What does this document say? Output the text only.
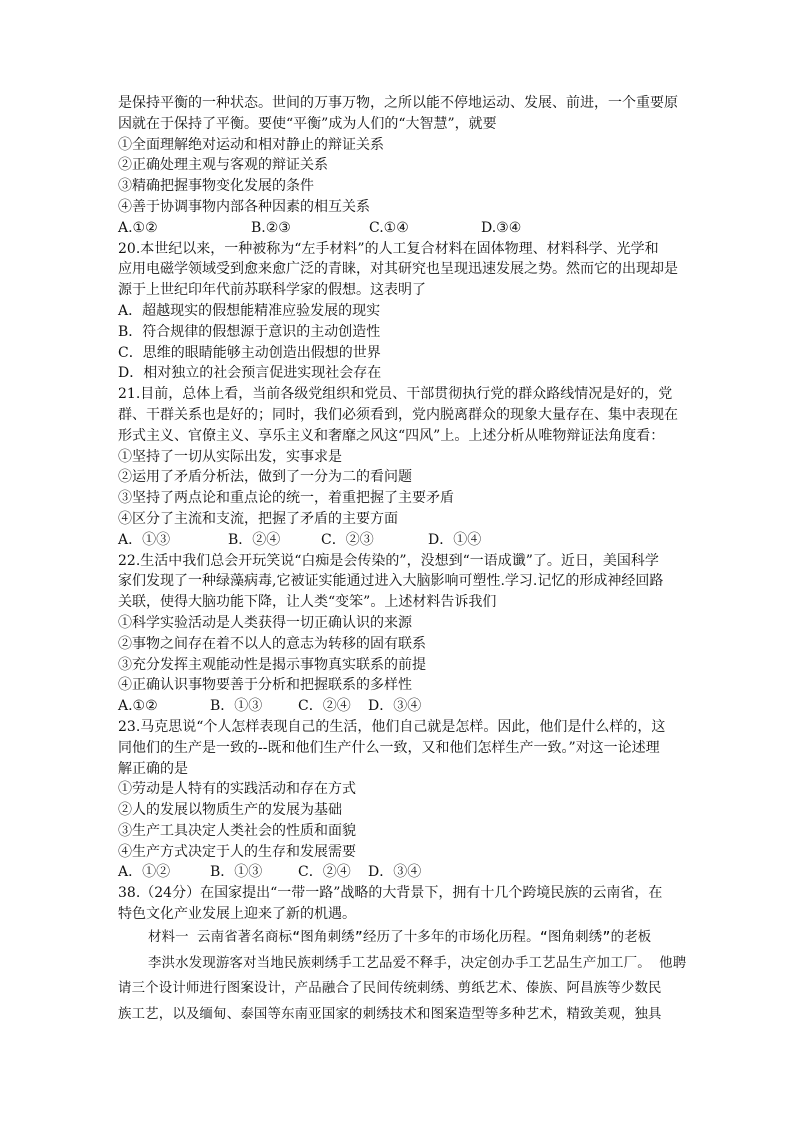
是保持平衡的一种状态。世间的万事万物，之所以能不停地运动、发展、前进，一个重要原
因就在于保持了平衡。要使“平衡”成为人们的“大智慧”，就要
①全面理解绝对运动和相对静止的辩证关系
②正确处理主观与客观的辩证关系
③精确把握事物变化发展的条件
④善于协调事物内部各种因素的相互关系
A.①②	B.②③	C.①④	D.③④
20.本世纪以来，一种被称为“左手材料”的人工复合材料在固体物理、材料科学、光学和
应用电磁学领域受到愈来愈广泛的青睐，对其研究也呈现迅速发展之势。然而它的出现却是
源于上世纪印年代前苏联科学家的假想。这表明了
A．超越现实的假想能精准应验发展的现实
B．符合规律的假想源于意识的主动创造性
C．思维的眼睛能够主动创造出假想的世界
D．相对独立的社会预言促进实现社会存在
21.目前，总体上看，当前各级党组织和党员、干部贯彻执行党的群众路线情况是好的，党
群、干群关系也是好的；同时，我们必须看到，党内脱离群众的现象大量存在、集中表现在
形式主义、官僚主义、享乐主义和奢靡之风这“四风”上。上述分析从唯物辩证法角度看：
①坚持了一切从实际出发，实事求是
②运用了矛盾分析法，做到了一分为二的看问题
③坚持了两点论和重点论的统一，着重把握了主要矛盾
④区分了主流和支流，把握了矛盾的主要方面
A．①③	B．②④	C．②③	D．①④
22.生活中我们总会开玩笑说“白痴是会传染的”，没想到“一语成谶”了。近日，美国科学
家们发现了一种绿藻病毒,它被证实能通过进入大脑影响可塑性.学习.记忆的形成神经回路
关联，使得大脑功能下降，让人类“变笨”。上述材料告诉我们
①科学实验活动是人类获得一切正确认识的来源
②事物之间存在着不以人的意志为转移的固有联系
③充分发挥主观能动性是揭示事物真实联系的前提
④正确认识事物要善于分析和把握联系的多样性
A.①②	B．①③	C．②④	D．③④
23.马克思说“个人怎样表现自己的生活，他们自己就是怎样。因此，他们是什么样的，这
同他们的生产是一致的--既和他们生产什么一致，又和他们怎样生产一致。”对这一论述理
解正确的是
①劳动是人特有的实践活动和存在方式
②人的发展以物质生产的发展为基础
③生产工具决定人类社会的性质和面貌
④生产方式决定于人的生存和发展需要
A．①②	B．①③	C．②④	D．③④
38.（24分）在国家提出“一带一路”战略的大背景下，拥有十几个跨境民族的云南省，在
特色文化产业发展上迎来了新的机遇。
材料一 云南省著名商标“图角刺绣”经历了十多年的市场化历程。“图角刺绣”的老板
李洪水发现游客对当地民族刺绣手工艺品爱不释手，决定创办手工艺品生产加工厂。 他聘
请三个设计师进行图案设计，产品融合了民间传统刺绣、剪纸艺术、傣族、阿昌族等少数民
族工艺，以及缅甸、泰国等东南亚国家的刺绣技术和图案造型等多种艺术，精致美观，独具
